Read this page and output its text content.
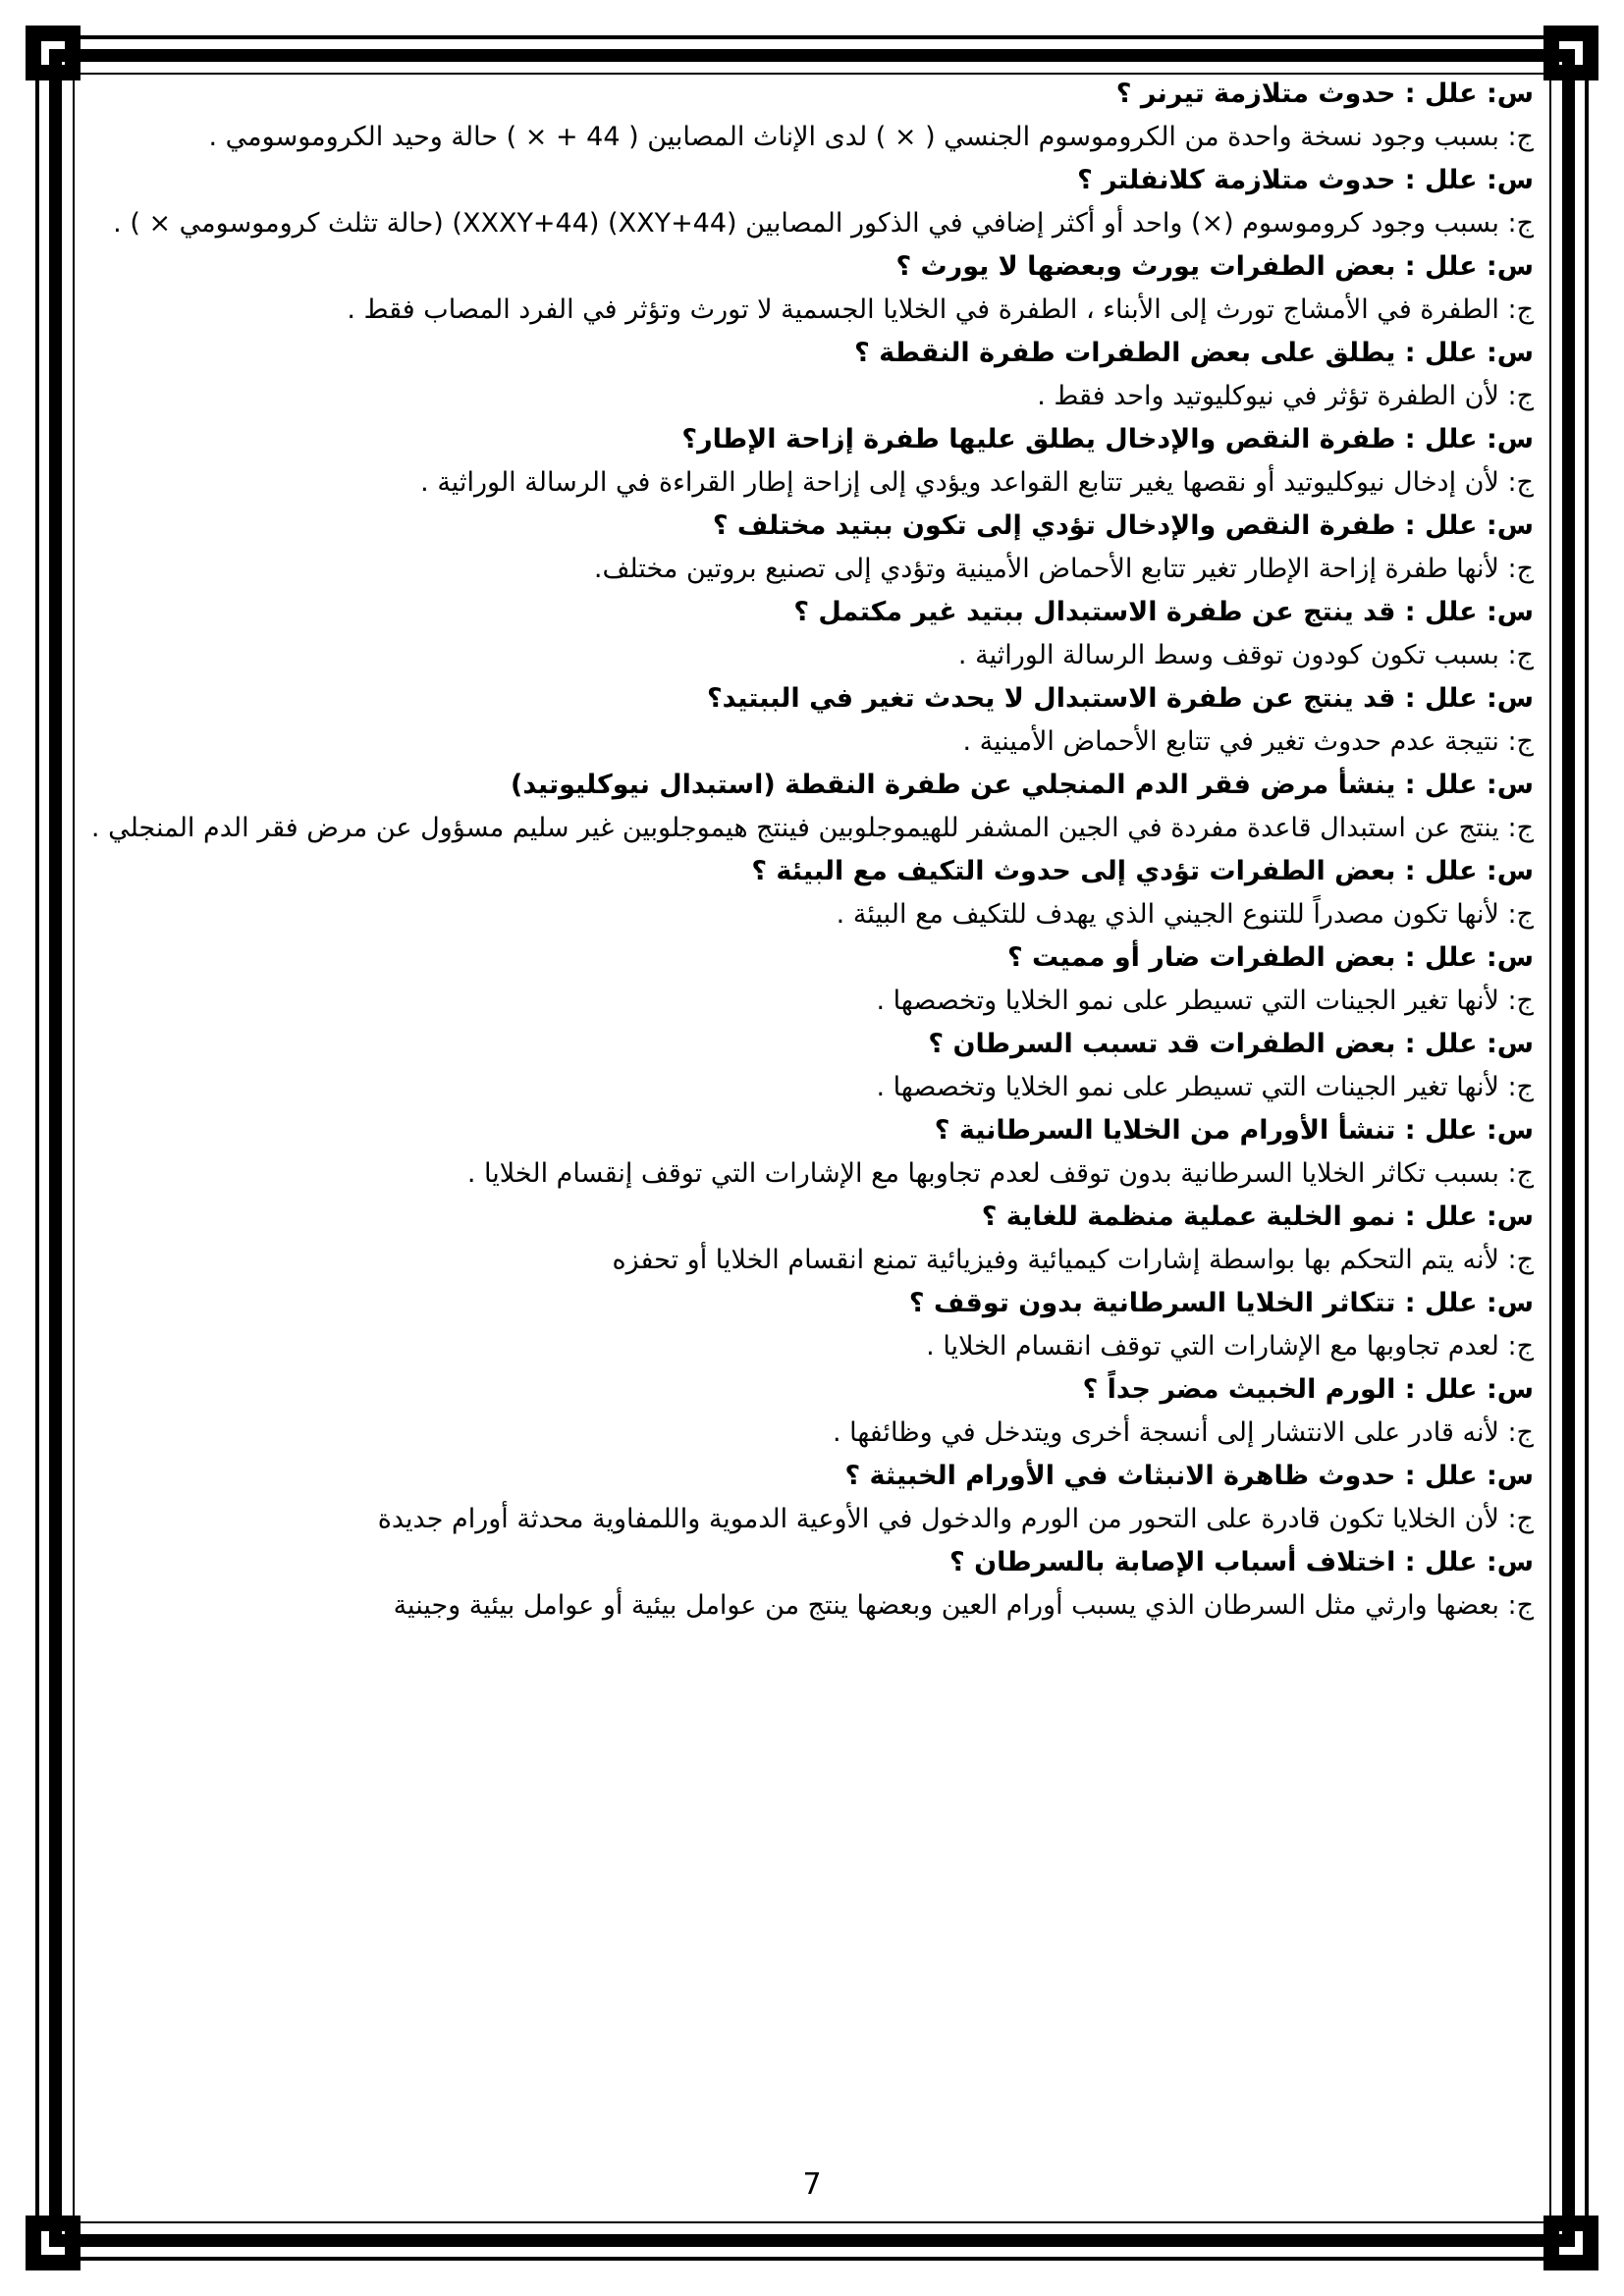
س: علل : حدوث متلازمة تيرنر ؟

ج: بسبب وجود نسخة واحدة من الكروموسوم الجنسي ( × ) لدى الإناث المصابين ( 44 + × ) حالة وحيد الكروموسومي .

س: علل : حدوث متلازمة كلانفلتر ؟

ج: بسبب وجود كروموسوم (×) واحد أو أكثر إضافي في الذكور المصابين (XXY+44) (XXXY+44) (حالة تثلث كروموسومي × ) .

س: علل : بعض الطفرات يورث وبعضها لا يورث ؟

ج: الطفرة في الأمشاج تورث إلى الأبناء ، الطفرة في الخلايا الجسمية لا تورث وتؤثر في الفرد المصاب فقط .

س: علل : يطلق على بعض الطفرات طفرة النقطة ؟

ج: لأن الطفرة تؤثر في نيوكليوتيد واحد فقط .

س: علل : طفرة النقص والإدخال يطلق عليها طفرة إزاحة الإطار؟

ج: لأن إدخال نيوكليوتيد أو نقصها يغير تتابع القواعد ويؤدي إلى إزاحة إطار القراءة في الرسالة الوراثية .

س: علل : طفرة النقص والإدخال تؤدي إلى تكون ببتيد مختلف ؟

ج: لأنها طفرة إزاحة الإطار تغير تتابع الأحماض الأمينية وتؤدي إلى تصنيع بروتين مختلف.

س: علل : قد ينتج عن طفرة الاستبدال ببتيد غير مكتمل ؟

ج: بسبب تكون كودون توقف وسط الرسالة الوراثية .

س: علل : قد ينتج عن طفرة الاستبدال لا يحدث تغير في الببتيد؟

ج: نتيجة عدم حدوث تغير في تتابع الأحماض الأمينية .

س: علل : ينشأ مرض فقر الدم المنجلي عن طفرة النقطة (استبدال نيوكليوتيد)

ج: ينتج عن استبدال قاعدة مفردة في الجين المشفر للهيموجلوبين فينتج هيموجلوبين غير سليم مسؤول عن مرض فقر الدم المنجلي .

س: علل : بعض الطفرات تؤدي إلى حدوث التكيف مع البيئة ؟

ج: لأنها تكون مصدراً للتنوع الجيني الذي يهدف للتكيف مع البيئة .

س: علل : بعض الطفرات ضار أو مميت ؟

ج: لأنها تغير الجينات التي تسيطر على نمو الخلايا وتخصصها .

س: علل : بعض الطفرات قد تسبب السرطان ؟

ج: لأنها تغير الجينات التي تسيطر على نمو الخلايا وتخصصها .

س: علل : تنشأ الأورام من الخلايا السرطانية ؟

ج: بسبب تكاثر الخلايا السرطانية بدون توقف لعدم تجاوبها مع الإشارات التي توقف إنقسام الخلايا .

س: علل : نمو الخلية عملية منظمة للغاية ؟

ج: لأنه يتم التحكم بها بواسطة إشارات كيميائية وفيزيائية تمنع انقسام الخلايا أو تحفزه

س: علل : تتكاثر الخلايا السرطانية بدون توقف ؟

ج: لعدم تجاوبها مع الإشارات التي توقف انقسام الخلايا .

س: علل : الورم الخبيث مضر جداً ؟

ج: لأنه قادر على الانتشار إلى أنسجة أخرى ويتدخل في وظائفها .

س: علل : حدوث ظاهرة الانبثاث في الأورام الخبيثة ؟

ج: لأن الخلايا تكون قادرة على التحور من الورم والدخول في الأوعية الدموية واللمفاوية محدثة أورام جديدة

س: علل : اختلاف أسباب الإصابة بالسرطان ؟

ج: بعضها وارثي مثل السرطان الذي يسبب أورام العين وبعضها ينتج من عوامل بيئية أو عوامل بيئية وجينية

7
